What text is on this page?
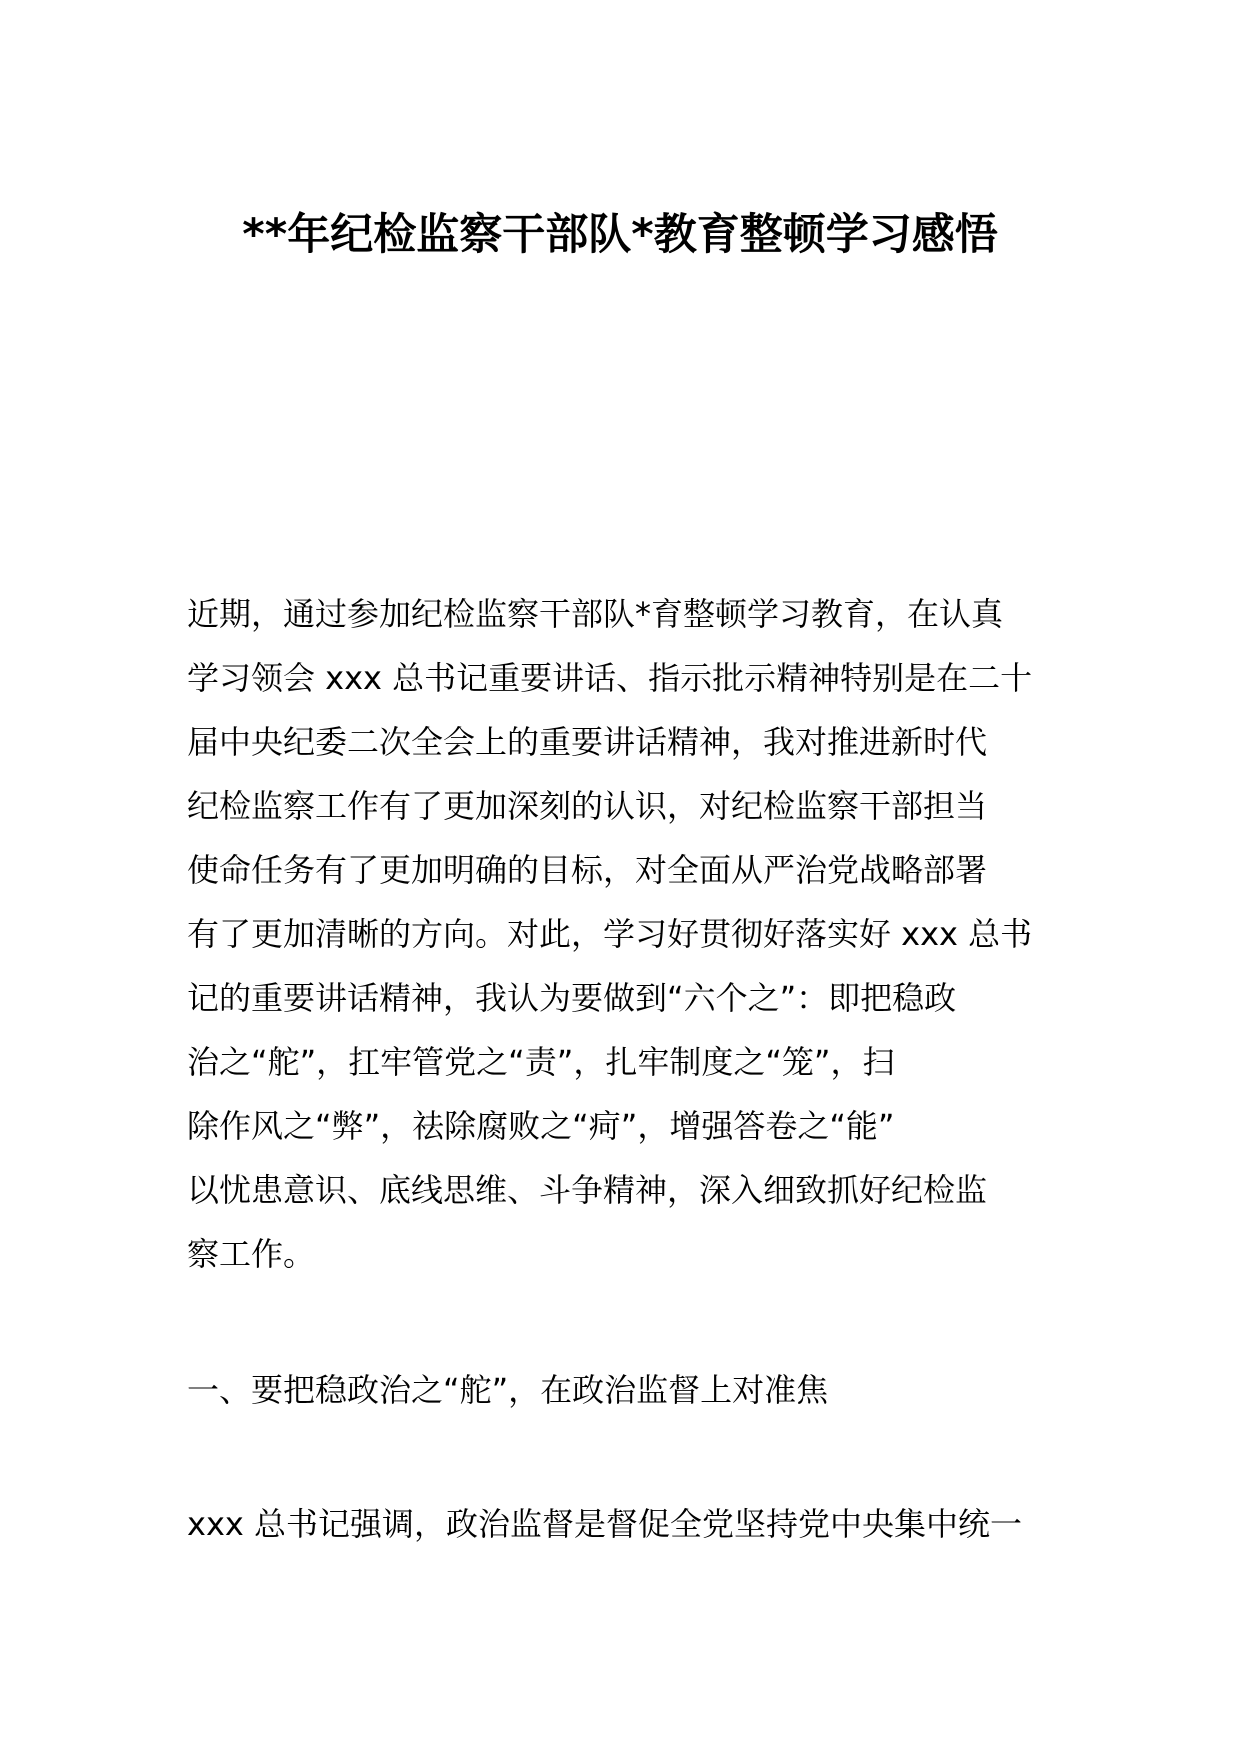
**年纪检监察干部队*教育整顿学习感悟
近期，通过参加纪检监察干部队*育整顿学习教育，在认真
学习领会 xxx 总书记重要讲话、指示批示精神特别是在二十
届中央纪委二次全会上的重要讲话精神，我对推进新时代
纪检监察工作有了更加深刻的认识，对纪检监察干部担当
使命任务有了更加明确的目标，对全面从严治党战略部署
有了更加清晰的方向。对此，学习好贯彻好落实好 xxx 总书
记的重要讲话精神，我认为要做到“六个之”：即把稳政
治之“舵”，扛牢管党之“责”，扎牢制度之“笼”，扫
除作风之“弊”，祛除腐败之“疴”，增强答卷之“能”
以忧患意识、底线思维、斗争精神，深入细致抓好纪检监
察工作。
一、要把稳政治之“舵”，在政治监督上对准焦
xxx 总书记强调，政治监督是督促全党坚持党中央集中统一
